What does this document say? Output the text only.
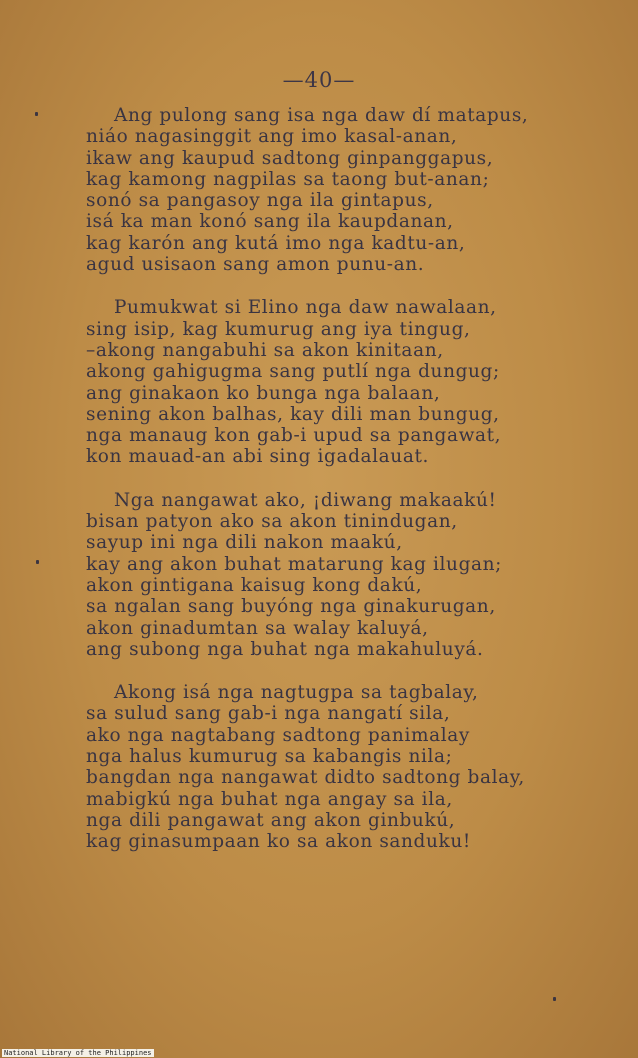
—40—
Ang pulong sang isa nga daw dí matapus,
niáo nagasinggit ang imo kasal-anan,
ikaw ang kaupud sadtong ginpanggapus,
kag kamong nagpilas sa taong but-anan;
sonó sa pangasoy nga ila gintapus,
isá ka man konó sang ila kaupdanan,
kag karón ang kutá imo nga kadtu-an,
agud usisaon sang amon punu-an.
Pumukwat si Elino nga daw nawalaan,
sing isip, kag kumurug ang iya tingug,
–akong nangabuhi sa akon kinitaan,
akong gahigugma sang putlí nga dungug;
ang ginakaon ko bunga nga balaan,
sening akon balhas, kay dili man bungug,
nga manaug kon gab-i upud sa pangawat,
kon mauad-an abi sing igadalauat.
Nga nangawat ako, ¡diwang makaakú!
bisan patyon ako sa akon tinindugan,
sayup ini nga dili nakon maakú,
kay ang akon buhat matarung kag ilugan;
akon gintigana kaisug kong dakú,
sa ngalan sang buyóng nga ginakurugan,
akon ginadumtan sa walay kaluyá,
ang subong nga buhat nga makahuluyá.
Akong isá nga nagtugpa sa tagbalay,
sa sulud sang gab-i nga nangatí sila,
ako nga nagtabang sadtong panimalay
nga halus kumurug sa kabangis nila;
bangdan nga nangawat didto sadtong balay,
mabigkú nga buhat nga angay sa ila,
nga dili pangawat ang akon ginbukú,
kag ginasumpaan ko sa akon sanduku!
National Library of the Philippines
